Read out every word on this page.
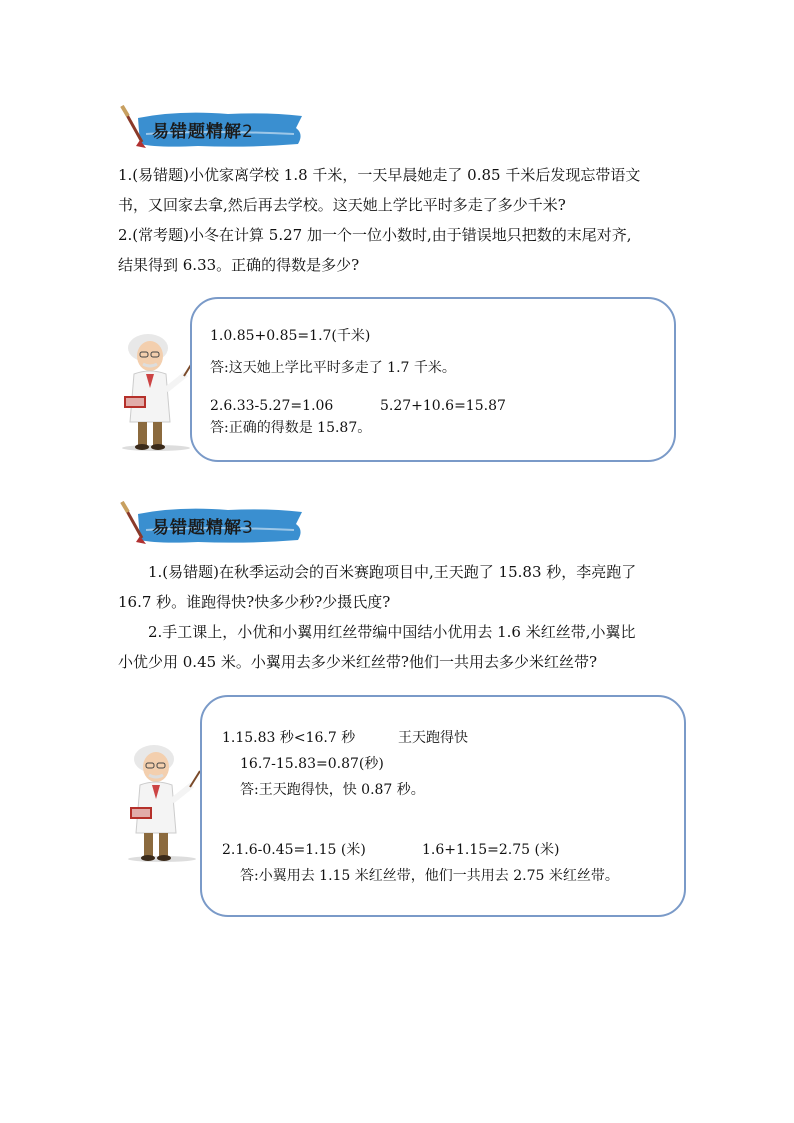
易错题精解2
1.(易错题)小优家离学校 1.8 千米，一天早晨她走了 0.85 千米后发现忘带语文
书，又回家去拿,然后再去学校。这天她上学比平时多走了多少千米?
2.(常考题)小冬在计算 5.27 加一个一位小数时,由于错误地只把数的末尾对齐,
结果得到 6.33。正确的得数是多少?
1.0.85+0.85=1.7(千米)
答:这天她上学比平时多走了 1.7 千米。
2.6.33-5.27=1.06	5.27+10.6=15.87
答:正确的得数是 15.87。
易错题精解3
1.(易错题)在秋季运动会的百米赛跑项目中,王天跑了 15.83 秒，李亮跑了
16.7 秒。谁跑得快?快多少秒?少摄氏度?
2.手工课上，小优和小翼用红丝带编中国结小优用去 1.6 米红丝带,小翼比
小优少用 0.45 米。小翼用去多少米红丝带?他们一共用去多少米红丝带?
1.15.83 秒<16.7 秒	王天跑得快
16.7-15.83=0.87(秒)
答:王天跑得快，快 0.87 秒。
2.1.6-0.45=1.15 (米)	1.6+1.15=2.75 (米)
答:小翼用去 1.15 米红丝带，他们一共用去 2.75 米红丝带。
